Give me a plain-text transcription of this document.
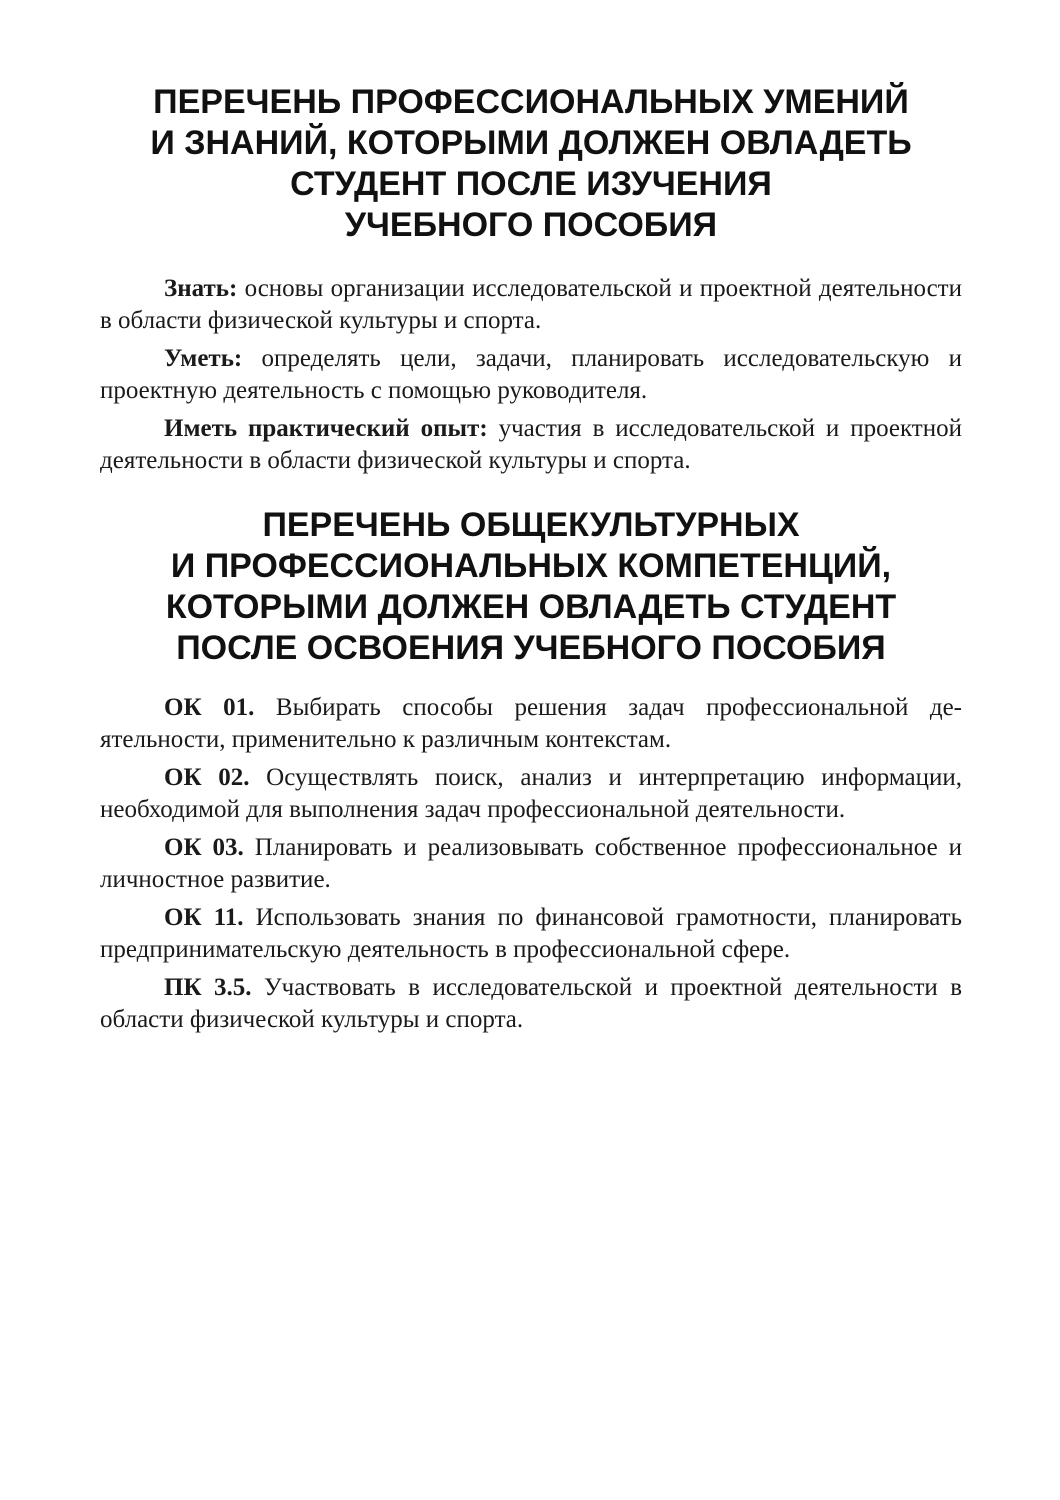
ПЕРЕЧЕНЬ ПРОФЕССИОНАЛЬНЫХ УМЕНИЙ
И ЗНАНИЙ, КОТОРЫМИ ДОЛЖЕН ОВЛАДЕТЬ
СТУДЕНТ ПОСЛЕ ИЗУЧЕНИЯ
УЧЕБНОГО ПОСОБИЯ

Знать: основы организации исследовательской и проектной деятельности в области физической культуры и спорта.

Уметь: определять цели, задачи, планировать исследовательскую и проектную деятельность с помощью руководителя.

Иметь практический опыт: участия в исследовательской и проектной деятельности в области физической культуры и спорта.

ПЕРЕЧЕНЬ ОБЩЕКУЛЬТУРНЫХ
И ПРОФЕССИОНАЛЬНЫХ КОМПЕТЕНЦИЙ,
КОТОРЫМИ ДОЛЖЕН ОВЛАДЕТЬ СТУДЕНТ
ПОСЛЕ ОСВОЕНИЯ УЧЕБНОГО ПОСОБИЯ

ОК 01. Выбирать способы решения задач профессиональной деятельности, применительно к различным контекстам.

ОК 02. Осуществлять поиск, анализ и интерпретацию информации, необходимой для выполнения задач профессиональной деятельности.

ОК 03. Планировать и реализовывать собственное профессиональное и личностное развитие.

ОК 11. Использовать знания по финансовой грамотности, планировать предпринимательскую деятельность в профессиональной сфере.

ПК 3.5. Участвовать в исследовательской и проектной деятельности в области физической культуры и спорта.
